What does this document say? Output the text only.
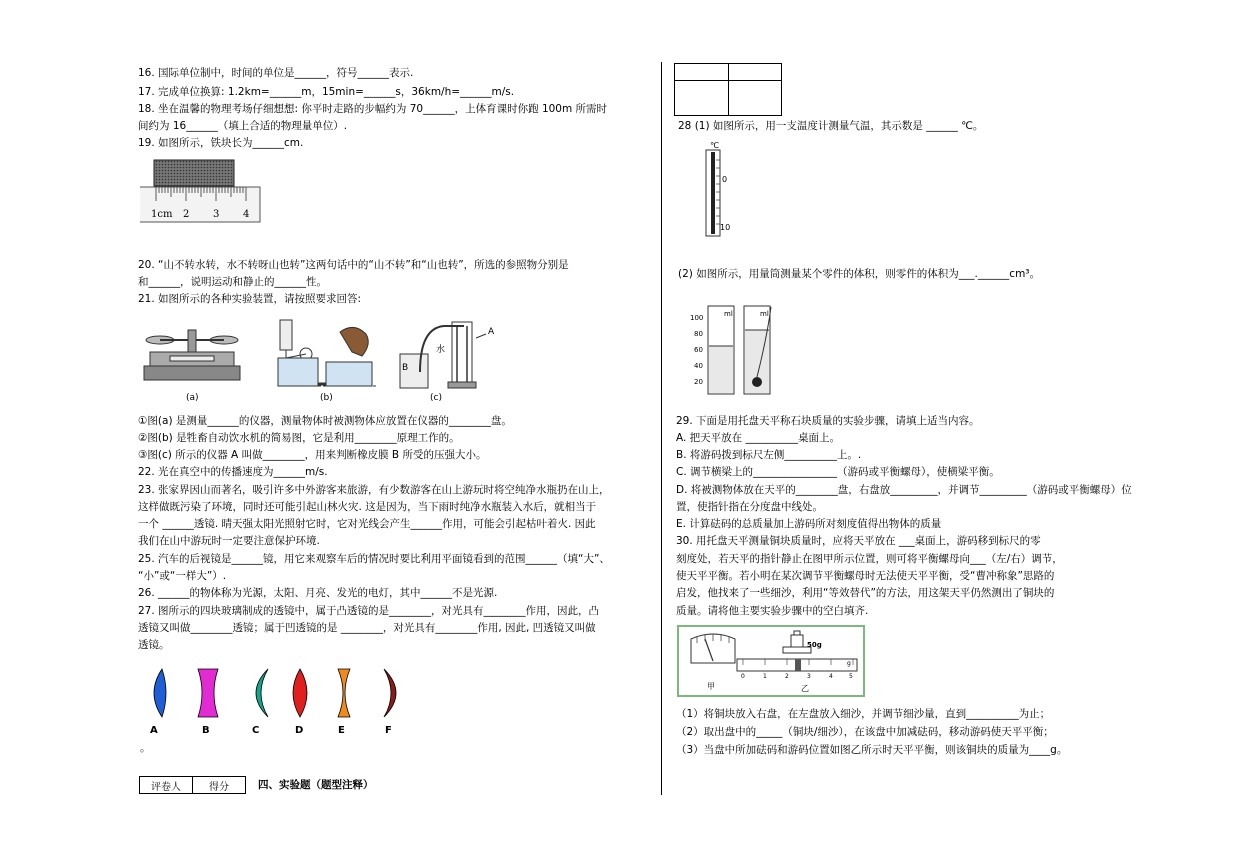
16. 国际单位制中，时间的单位是______，符号______表示.
17. 完成单位换算: 1.2km=______m，15min=______s，36km/h=______m/s.
18. 坐在温馨的物理考场仔细想想: 你平时走路的步幅约为 70______，上体育课时你跑 100m 所需时
间约为 16______（填上合适的物理量单位）.
19. 如图所示，铁块长为______cm.
1cm 2 3 4
20. “山不转水转，水不转呀山也转”这两句话中的“山不转”和“山也转”，所选的参照物分别是
和______，说明运动和静止的______性。
21. 如图所示的各种实验装置，请按照要求回答:
水
B
A
(a)	(b)	(c)
①图(a) 是测量______的仪器，测量物体时被测物体应放置在仪器的________盘。
②图(b) 是牲畜自动饮水机的简易图，它是利用________原理工作的。
③图(c) 所示的仪器 A 叫做________，用来判断橡皮膜 B 所受的压强大小。
22. 光在真空中的传播速度为______m/s.
23. 张家界因山而著名，吸引许多中外游客来旅游，有少数游客在山上游玩时将空纯净水瓶扔在山上，
这样做既污染了环境，同时还可能引起山林火灾. 这是因为，当下雨时纯净水瓶装入水后，就相当于
一个 ______透镜. 晴天强太阳光照射它时，它对光线会产生______作用，可能会引起枯叶着火. 因此
我们在山中游玩时一定要注意保护环境.
25. 汽车的后视镜是______镜，用它来观察车后的情况时要比利用平面镜看到的范围______（填“大”、
“小”或“一样大”）.
26. ______的物体称为光源，太阳、月亮、发光的电灯，其中______不是光源.
27. 图所示的四块玻璃制成的透镜中，属于凸透镜的是________，对光具有________作用，因此，凸
透镜又叫做________透镜；属于凹透镜的是 ________，对光具有________作用, 因此, 凹透镜又叫做
透镜。
A	B	C	D	E	F
。
评卷人	得分	四、实验题（题型注释）

28 (1) 如图所示，用一支温度计测量气温，其示数是 ______ ℃。
℃
0
10
(2) 如图所示，用量筒测量某个零件的体积，则零件的体积为___.______cm³。
100
80
60
40
20
ml	ml
29. 下面是用托盘天平称石块质量的实验步骤，请填上适当内容。
A. 把天平放在 __________桌面上。
B. 将游码拨到标尺左侧__________上。.
C. 调节横梁上的________________（游码或平衡螺母），使横梁平衡。
D. 将被测物体放在天平的________盘，右盘放_________，并调节_________（游码或平衡螺母）位
置，使指针指在分度盘中线处。
E. 计算砝码的总质量加上游码所对刻度值得出物体的质量
30. 用托盘天平测量铜块质量时，应将天平放在 ___桌面上，游码移到标尺的零
刻度处，若天平的指针静止在图甲所示位置，则可将平衡螺母向___（左/右）调节，
使天平平衡。若小明在某次调节平衡螺母时无法使天平平衡，受“曹冲称象”思路的
启发，他找来了一些细沙，利用“等效替代”的方法，用这架天平仍然测出了铜块的
质量。请将他主要实验步骤中的空白填齐.
50g
0	1	2	3	4	5
g
甲	乙
（1）将铜块放入右盘，在左盘放入细沙，并调节细沙量，直到__________为止；
（2）取出盘中的_____（铜块/细沙），在该盘中加减砝码，移动游码使天平平衡；
（3）当盘中所加砝码和游码位置如图乙所示时天平平衡，则该铜块的质量为____g。
